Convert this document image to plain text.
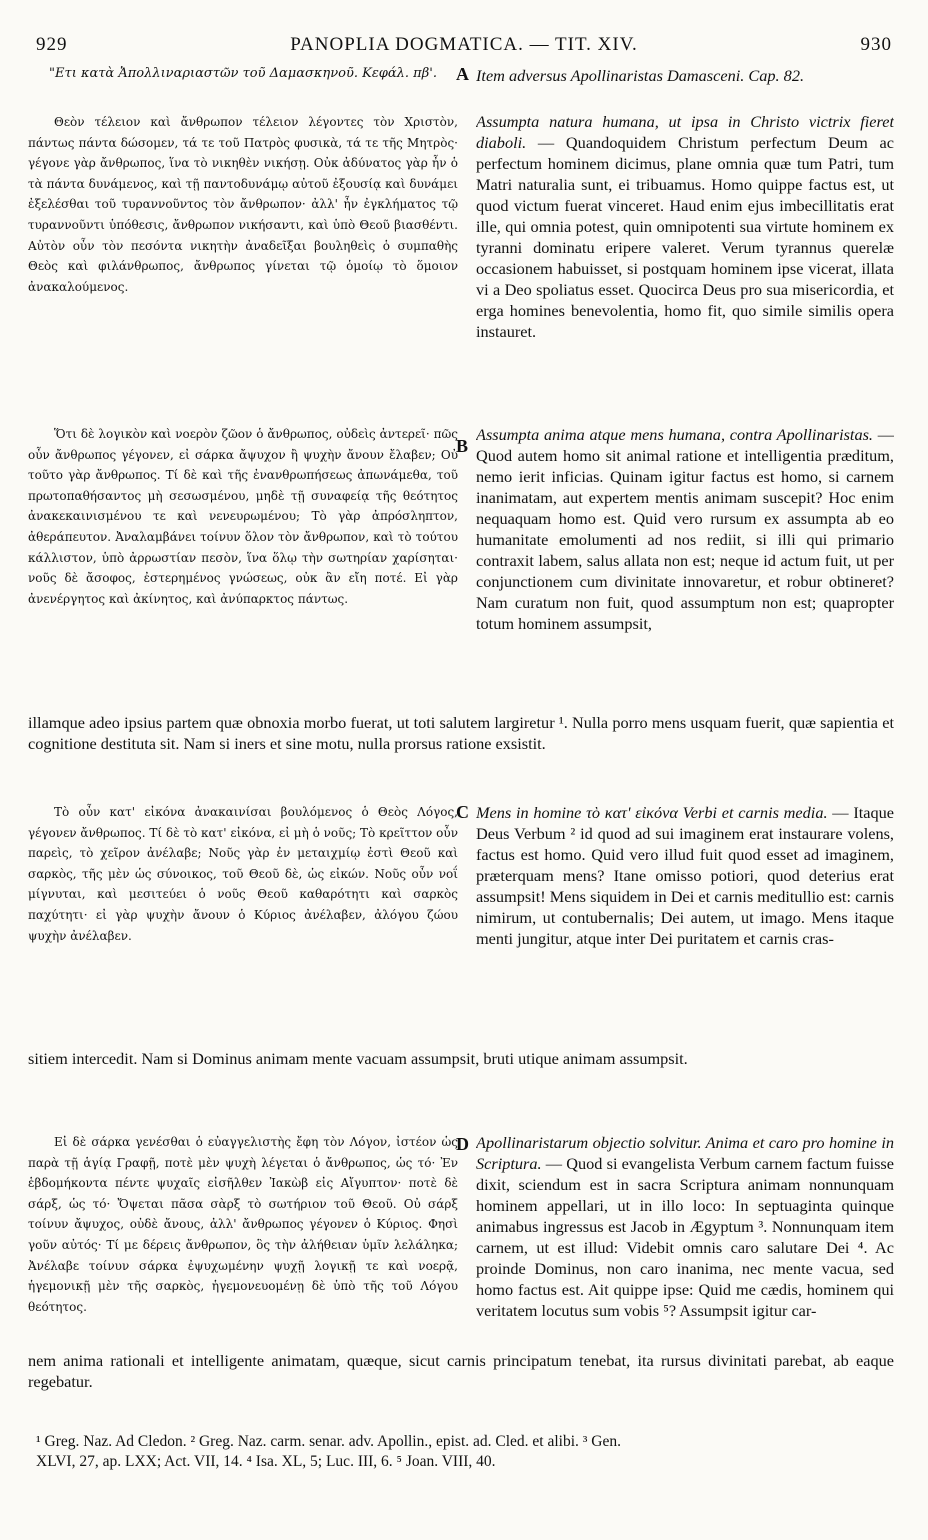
929	PANOPLIA DOGMATICA. — TIT. XIV.	930
"Ετι κατὰ Ἀπολλιναριαστῶν τοῦ Δαμασκηνοῦ. Κεφάλ. πβ'.	A Item adversus Apollinaristas Damasceni. Cap. 82.
Θεὸν τέλειον καὶ ἄνθρωπον τέλειον λέγοντες τὸν Χριστὸν, πάντως πάντα δώσομεν, τά τε τοῦ Πατρὸς φυσικὰ, τά τε τῆς Μητρὸς· γέγονε γὰρ ἄνθρωπος, ἵνα τὸ νικηθὲν νικήσῃ. Οὐκ ἀδύνατος γὰρ ἦν ὁ τὰ πάντα δυνάμενος, καὶ τῇ παντοδυνάμῳ αὐτοῦ ἐξουσίᾳ καὶ δυνάμει ἐξελέσθαι τοῦ τυραννοῦντος τὸν ἄνθρωπον· ἀλλ' ἦν ἐγκλήματος τῷ τυραννοῦντι ὑπόθεσις, ἄνθρωπον νικήσαντι, καὶ ὑπὸ Θεοῦ βιασθέντι. Αὐτὸν οὖν τὸν πεσόντα νικητὴν ἀναδεῖξαι βουληθεὶς ὁ συμπαθὴς Θεὸς καὶ φιλάνθρωπος, ἄνθρωπος γίνεται τῷ ὁμοίῳ τὸ ὅμοιον ἀνακαλούμενος.
Assumpta natura humana, ut ipsa in Christo victrix fieret diaboli. — Quandoquidem Christum perfectum Deum ac perfectum hominem dicimus, plane omnia quæ tum Patri, tum Matri naturalia sunt, ei tribuamus. Homo quippe factus est, ut quod victum fuerat vinceret. Haud enim ejus imbecillitatis erat ille, qui omnia potest, quin omnipotenti sua virtute hominem ex tyranni dominatu eripere valeret. Verum tyrannus querelæ occasionem habuisset, si postquam hominem ipse vicerat, illata vi a Deo spoliatus esset. Quocirca Deus pro sua misericordia, et erga homines benevolentia, homo fit, quo simile similis opera instauret.
Ὅτι δὲ λογικὸν καὶ νοερὸν ζῶον ὁ ἄνθρωπος, οὐδεὶς ἀντερεῖ· πῶς οὖν ἄνθρωπος γέγονεν, εἰ σάρκα ἄψυχον ἢ ψυχὴν ἄνουν ἔλαβεν; Οὐ τοῦτο γὰρ ἄνθρωπος. Τί δὲ καὶ τῆς ἐνανθρωπήσεως ἀπωνάμεθα, τοῦ πρωτοπαθήσαντος μὴ σεσωσμένου, μηδὲ τῇ συναφείᾳ τῆς θεότητος ἀνακεκαινισμένου τε καὶ νενευρωμένου; Τὸ γὰρ ἀπρόσληπτον, ἀθεράπευτον. Ἀναλαμβάνει τοίνυν ὅλον τὸν ἄνθρωπον, καὶ τὸ τούτου κάλλιστον, ὑπὸ ἀρρωστίαν πεσὸν, ἵνα ὅλῳ τὴν σωτηρίαν χαρίσηται· νοῦς δὲ ἄσοφος, ἐστερημένος γνώσεως, οὐκ ἂν εἴη ποτέ. Εἰ γὰρ ἀνενέργητος καὶ ἀκίνητος, καὶ ἀνύπαρκτος πάντως.
B
Assumpta anima atque mens humana, contra Apollinaristas. — Quod autem homo sit animal ratione et intelligentia præditum, nemo ierit inficias. Quinam igitur factus est homo, si carnem inanimatam, aut expertem mentis animam suscepit? Hoc enim nequaquam homo est. Quid vero rursum ex assumpta ab eo humanitate emolumenti ad nos rediit, si illi qui primario contraxit labem, salus allata non est; neque id actum fuit, ut per conjunctionem cum divinitate innovaretur, et robur obtineret? Nam curatum non fuit, quod assumptum non est; quapropter totum hominem assumpsit,
illamque adeo ipsius partem quæ obnoxia morbo fuerat, ut toti salutem largiretur ¹. Nulla porro mens usquam fuerit, quæ sapientia et cognitione destituta sit. Nam si iners et sine motu, nulla prorsus ratione exsistit.
Τὸ οὖν κατ' εἰκόνα ἀνακαινίσαι βουλόμενος ὁ Θεὸς Λόγος, γέγονεν ἄνθρωπος. Τί δὲ τὸ κατ' εἰκόνα, εἰ μὴ ὁ νοῦς; Τὸ κρεῖττον οὖν παρεὶς, τὸ χεῖρον ἀνέλαβε; Νοῦς γὰρ ἐν μεταιχμίῳ ἐστὶ Θεοῦ καὶ σαρκὸς, τῆς μὲν ὡς σύνοικος, τοῦ Θεοῦ δὲ, ὡς εἰκών. Νοῦς οὖν νοΐ μίγνυται, καὶ μεσιτεύει ὁ νοῦς Θεοῦ καθαρότητι καὶ σαρκὸς παχύτητι· εἰ γὰρ ψυχὴν ἄνουν ὁ Κύριος ἀνέλαβεν, ἀλόγου ζώου ψυχὴν ἀνέλαβεν.
C Mens in homine τὸ κατ' εἰκόνα Verbi et carnis media. — Itaque Deus Verbum ² id quod ad sui imaginem erat instaurare volens, factus est homo. Quid vero illud fuit quod esset ad imaginem, præterquam mens? Itane omisso potiori, quod deterius erat assumpsit! Mens siquidem in Dei et carnis meditullio est: carnis nimirum, ut contubernalis; Dei autem, ut imago. Mens itaque menti jungitur, atque inter Dei puritatem et carnis cras-
sitiem intercedit. Nam si Dominus animam mente vacuam assumpsit, bruti utique animam assumpsit.
Εἰ δὲ σάρκα γενέσθαι ὁ εὐαγγελιστὴς ἔφη τὸν Λόγον, ἰστέον ὡς παρὰ τῇ ἁγίᾳ Γραφῇ, ποτὲ μὲν ψυχὴ λέγεται ὁ ἄνθρωπος, ὡς τό· Ἐν ἑβδομήκοντα πέντε ψυχαῖς εἰσῆλθεν Ἰακὼβ εἰς Αἴγυπτον· ποτὲ δὲ σάρξ, ὡς τό· Ὄψεται πᾶσα σὰρξ τὸ σωτήριον τοῦ Θεοῦ. Οὐ σάρξ τοίνυν ἄψυχος, οὐδὲ ἄνους, ἀλλ' ἄνθρωπος γέγονεν ὁ Κύριος. Φησὶ γοῦν αὐτός· Τί με δέρεις ἄνθρωπον, ὃς τὴν ἀλήθειαν ὑμῖν λελάληκα; Ἀνέλαβε τοίνυν σάρκα ἐψυχωμένην ψυχῇ λογικῇ τε καὶ νοερᾷ, ἡγεμονικῇ μὲν τῆς σαρκὸς, ἡγεμονευομένῃ δὲ ὑπὸ τῆς τοῦ Λόγου θεότητος.
D Apollinaristarum objectio solvitur. Anima et caro pro homine in Scriptura. — Quod si evangelista Verbum carnem factum fuisse dixit, sciendum est in sacra Scriptura animam nonnunquam hominem appellari, ut in illo loco: In septuaginta quinque animabus ingressus est Jacob in Ægyptum ³. Nonnunquam item carnem, ut est illud: Videbit omnis caro salutare Dei ⁴. Ac proinde Dominus, non caro inanima, nec mente vacua, sed homo factus est. Ait quippe ipse: Quid me cædis, hominem qui veritatem locutus sum vobis ⁵? Assumpsit igitur car-
nem anima rationali et intelligente animatam, quæque, sicut carnis principatum tenebat, ita rursus divinitati parebat, ab eaque regebatur.
¹ Greg. Naz. Ad Cledon. ² Greg. Naz. carm. senar. adv. Apollin., epist. ad. Cled. et alibi. ³ Gen.
XLVI, 27, ap. LXX; Act. VII, 14. ⁴ Isa. XL, 5; Luc. III, 6. ⁵ Joan. VIII, 40.
